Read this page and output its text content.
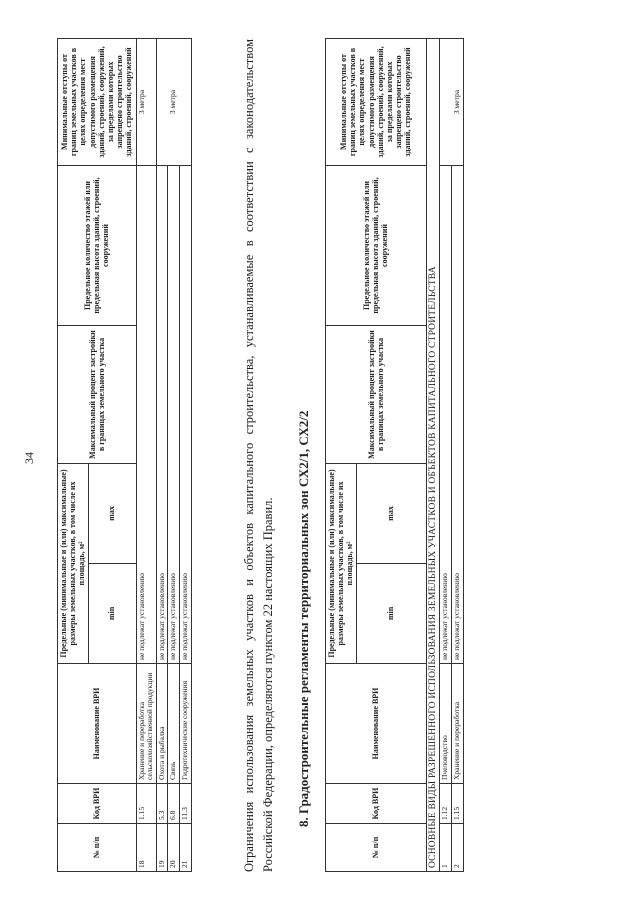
34
№ п/п	Код ВРИ	Наименование ВРИ	Предельные (минимальные и (или) максимальные) размеры земельных участков, в том числе их площадь, м²		Максимальный процент застройки в границах земельного участка	Предельное количество этажей или предельная высота зданий, строений, сооружений	Минимальные отступы от границ земельных участков в целях определения мест допустимого размещения зданий, строений, сооружений, за пределами которых запрещено строительство зданий, строений, сооружений
			min	max			
18	1.15	Хранение и переработка сельскохозяйственной продукции	не подлежат установлению				3 метра
19	5.3	Охота и рыбалка	не подлежат установлению				3 метра
20	6.8	Связь	не подлежат установлению				
21	11.3	Гидротехнические сооружения	не подлежат установлению					Ограничения использования земельных участков и объектов капитального строительства, устанавливаемые в соответствии с законодательством Российской Федерации, определяются пунктом 22 настоящих Правил. 8. Градостроительные регламенты территориальных зон СХ2/1, СХ2/2
№ п/п	Код ВРИ	Наименование ВРИ	Предельные (минимальные и (или) максимальные) размеры земельных участков, в том числе их площадь, м²		Максимальный процент застройки в границах земельного участка	Предельное количество этажей или предельная высота зданий, строений, сооружений	Минимальные отступы от границ земельных участков в целях определения мест допустимого размещения зданий, строений, сооружений, за пределами которых запрещено строительство зданий, строений, сооружений
			min	max			
ОСНОВНЫЕ ВИДЫ РАЗРЕШЕННОГО ИСПОЛЬЗОВАНИЯ ЗЕМЕЛЬНЫХ УЧАСТКОВ И ОБЪЕКТОВ КАПИТАЛЬНОГО СТРОИТЕЛЬСТВА							
1	1.12	Пчеловодство	не подлежат установлению				3 метра
2	1.15	Хранение и переработка	не подлежат установлению				
